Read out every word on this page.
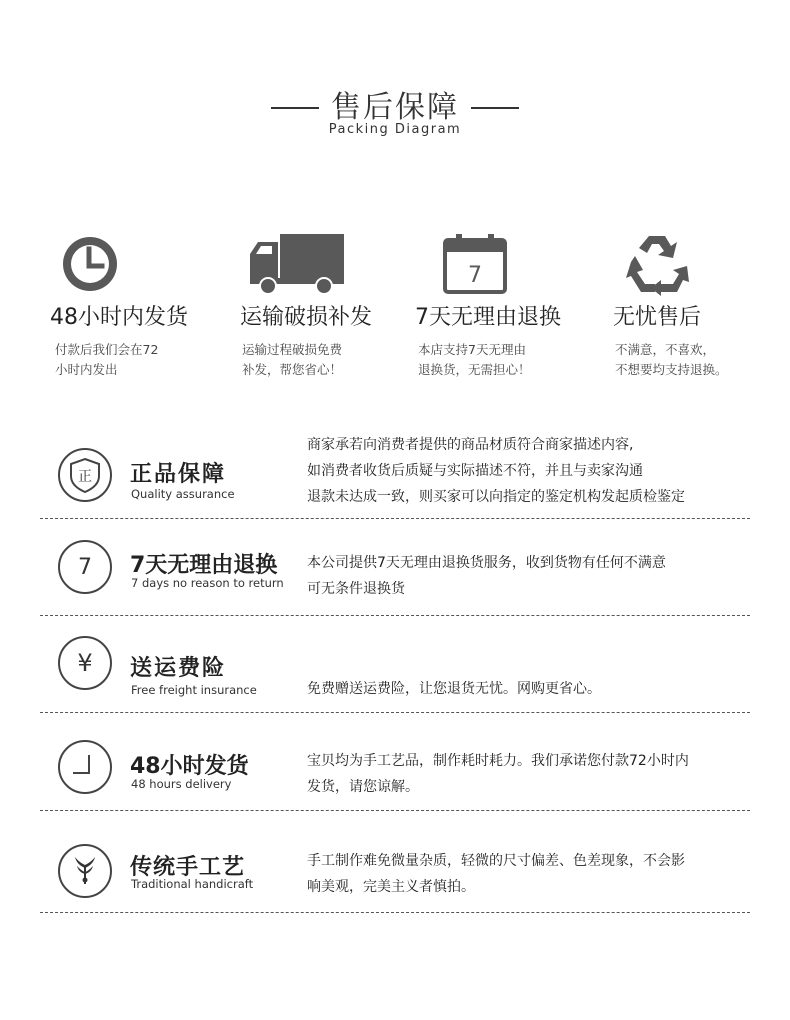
售后保障
Packing Diagram
48小时内发货
付款后我们会在72
小时内发出
运输破损补发
运输过程破损免费
补发，帮您省心！
7
7天无理由退换
本店支持7天无理由
退换货，无需担心！
无忧售后
不满意，不喜欢，
不想要均支持退换。
正 正品保障
Quality assurance
商家承若向消费者提供的商品材质符合商家描述内容,
如消费者收货后质疑与实际描述不符，并且与卖家沟通
退款未达成一致，则买家可以向指定的鉴定机构发起质检鉴定
7 7天无理由退换
7 days no reason to return
本公司提供7天无理由退换货服务，收到货物有任何不满意
可无条件退换货
¥ 送运费险
Free freight insurance	免费赠送运费险，让您退货无忧。网购更省心。
48小时发货
48 hours delivery
宝贝均为手工艺品，制作耗时耗力。我们承诺您付款72小时内
发货，请您谅解。
传统手工艺
Traditional handicraft
手工制作难免微量杂质，轻微的尺寸偏差、色差现象，不会影
响美观，完美主义者慎拍。
